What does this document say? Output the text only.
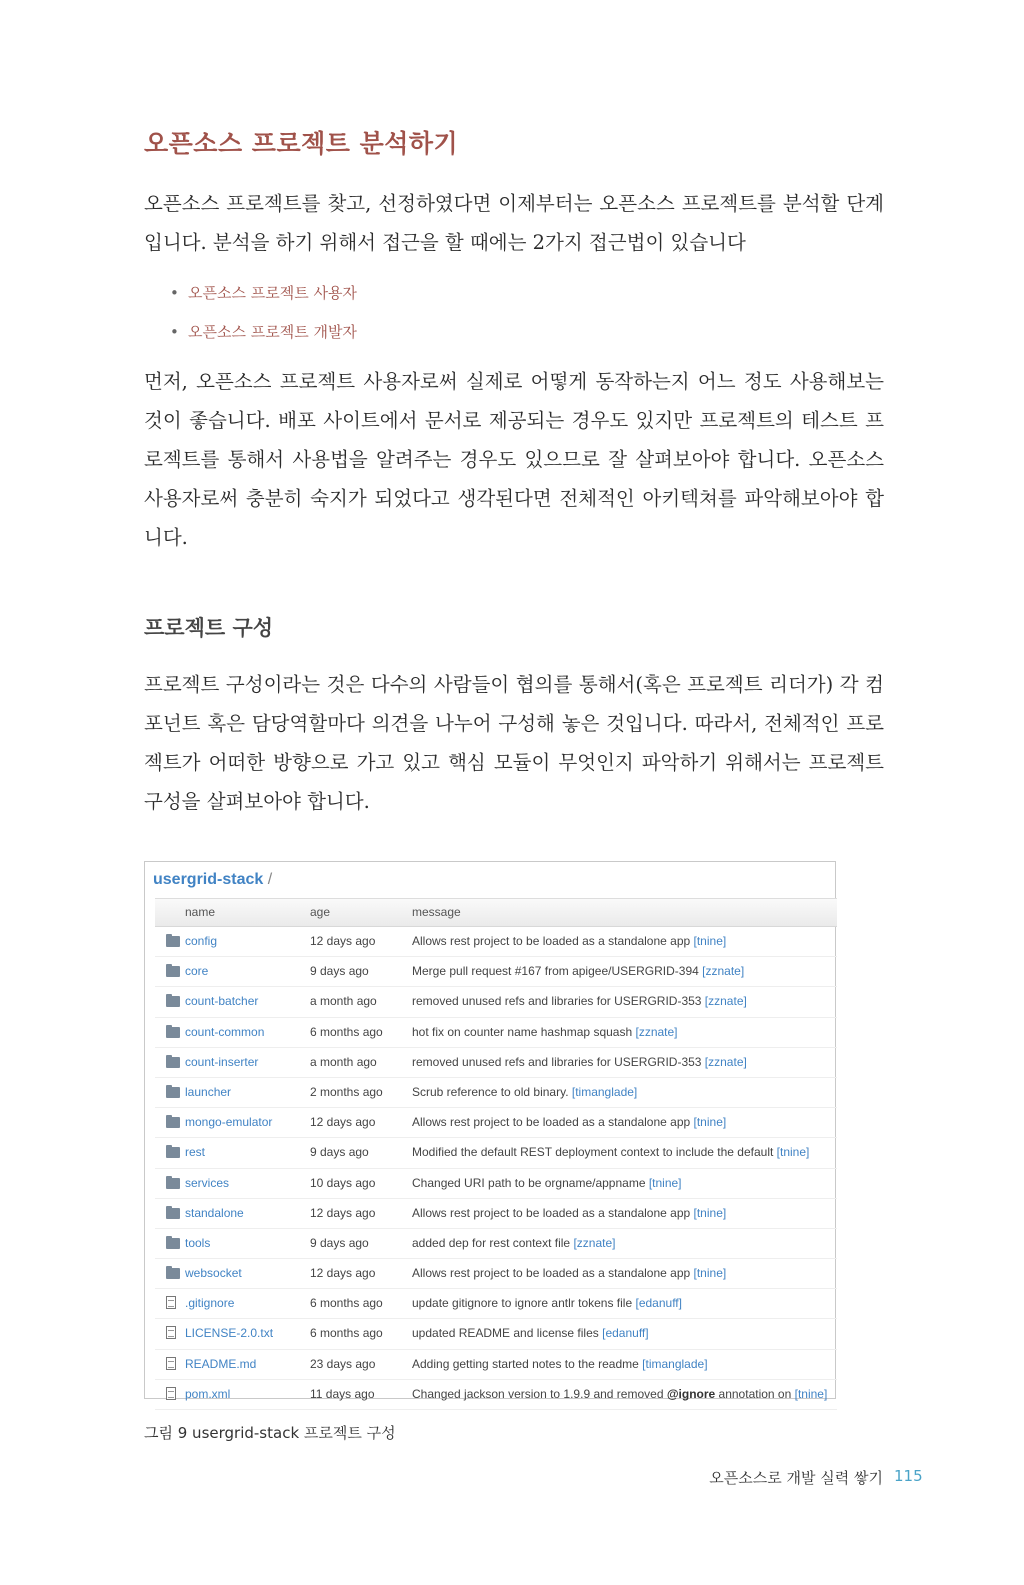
오픈소스 프로젝트 분석하기

오픈소스 프로젝트를 찾고, 선정하였다면 이제부터는 오픈소스 프로젝트를 분석할 단계입니다. 분석을 하기 위해서 접근을 할 때에는 2가지 접근법이 있습니다

• 오픈소스 프로젝트 사용자
• 오픈소스 프로젝트 개발자

먼저, 오픈소스 프로젝트 사용자로써 실제로 어떻게 동작하는지 어느 정도 사용해보는 것이 좋습니다. 배포 사이트에서 문서로 제공되는 경우도 있지만 프로젝트의 테스트 프로젝트를 통해서 사용법을 알려주는 경우도 있으므로 잘 살펴보아야 합니다. 오픈소스 사용자로써 충분히 숙지가 되었다고 생각된다면 전체적인 아키텍쳐를 파악해보아야 합니다.

프로젝트 구성

프로젝트 구성이라는 것은 다수의 사람들이 협의를 통해서(혹은 프로젝트 리더가) 각 컴포넌트 혹은 담당역할마다 의견을 나누어 구성해 놓은 것입니다. 따라서, 전체적인 프로젝트가 어떠한 방향으로 가고 있고 핵심 모듈이 무엇인지 파악하기 위해서는 프로젝트 구성을 살펴보아야 합니다.

usergrid-stack /
name	age	message
config	12 days ago	Allows rest project to be loaded as a standalone app [tnine]
core	9 days ago	Merge pull request #167 from apigee/USERGRID-394 [zznate]
count-batcher	a month ago	removed unused refs and libraries for USERGRID-353 [zznate]
count-common	6 months ago hot fix on counter name hashmap squash [zznate]
count-inserter	a month ago	removed unused refs and libraries for USERGRID-353 [zznate]
launcher	2 months ago Scrub reference to old binary. [timanglade]
mongo-emulator	12 days ago	Allows rest project to be loaded as a standalone app [tnine]
rest	9 days ago	Modified the default REST deployment context to include the default [tnine]
services	10 days ago	Changed URI path to be orgname/appname [tnine]
standalone	12 days ago	Allows rest project to be loaded as a standalone app [tnine]
tools	9 days ago	added dep for rest context file [zznate]
websocket	12 days ago	Allows rest project to be loaded as a standalone app [tnine]
.gitignore	6 months ago update gitignore to ignore antlr tokens file [edanuff]
LICENSE-2.0.txt	6 months ago updated README and license files [edanuff]
README.md	23 days ago	Adding getting started notes to the readme [timanglade]
pom.xml	11 days ago	Changed jackson version to 1.9.9 and removed @ignore annotation on [tnine]

그림 9 usergrid-stack 프로젝트 구성

오픈소스로 개발 실력 쌓기 115
